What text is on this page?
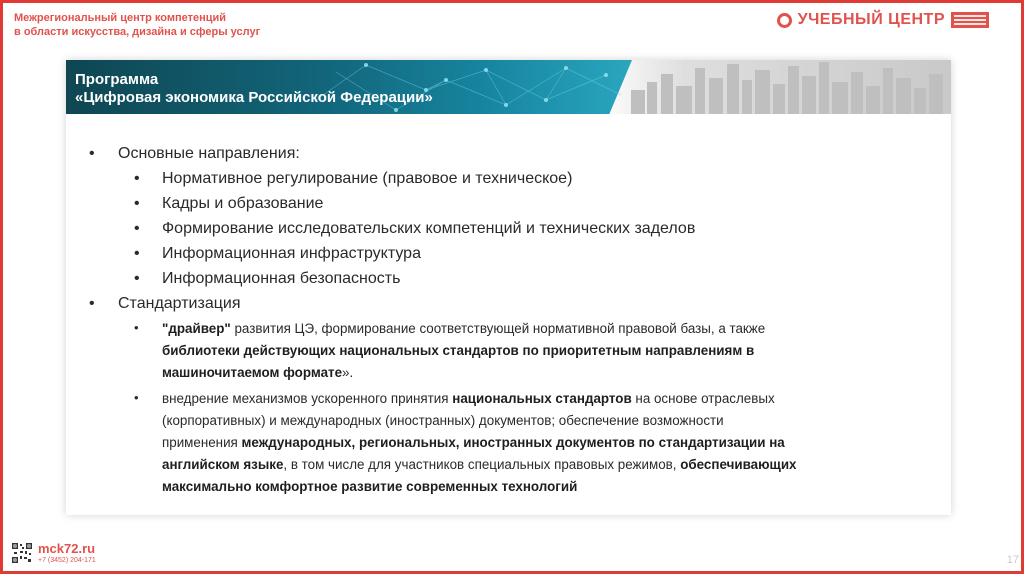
Межрегиональный центр компетенций
в области искусства, дизайна и сферы услуг
УЧЕБНЫЙ ЦЕНТР
Программа
«Цифровая экономика Российской Федерации»
• Основные направления:
• Нормативное регулирование (правовое и техническое)
• Кадры и образование
• Формирование исследовательских компетенций и технических заделов
• Информационная инфраструктура
• Информационная безопасность
• Стандартизация
• "драйвер" развития ЦЭ, формирование соответствующей нормативной правовой базы, а также библиотеки действующих национальных стандартов по приоритетным направлениям в машиночитаемом формате».
• внедрение механизмов ускоренного принятия национальных стандартов на основе отраслевых (корпоративных) и международных (иностранных) документов; обеспечение возможности применения международных, региональных, иностранных документов по стандартизации на английском языке, в том числе для участников специальных правовых режимов, обеспечивающих максимально комфортное развитие современных технологий
mck72.ru
+7 (3452) 204-171	17
